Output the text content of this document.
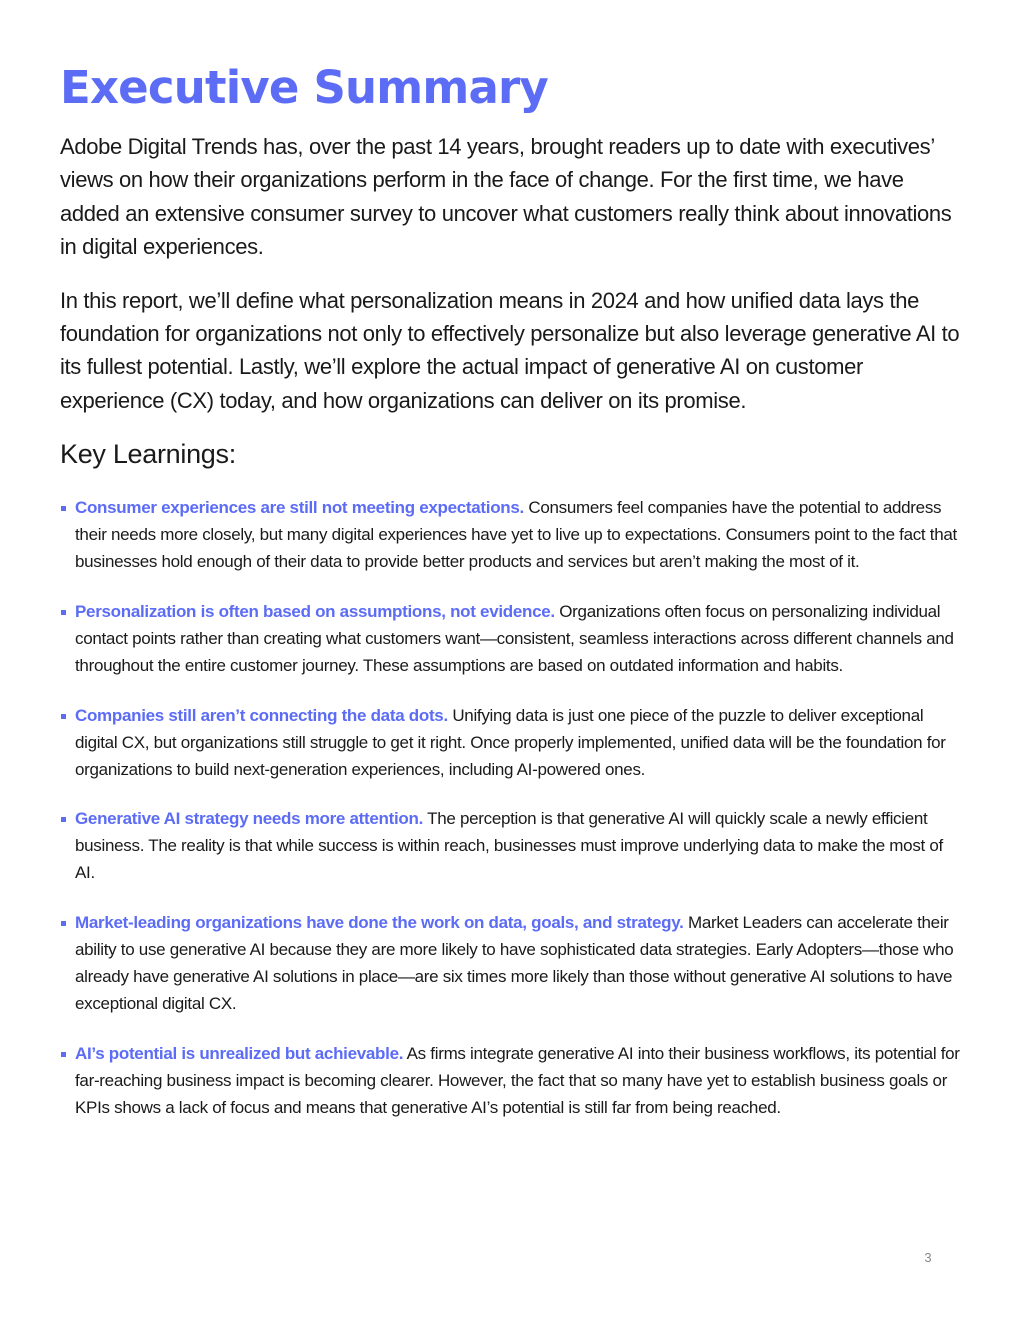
Executive Summary

Adobe Digital Trends has, over the past 14 years, brought readers up to date with executives’ views on how their organizations perform in the face of change. For the first time, we have added an extensive consumer survey to uncover what customers really think about innovations in digital experiences.

In this report, we’ll define what personalization means in 2024 and how unified data lays the foundation for organizations not only to effectively personalize but also leverage generative AI to its fullest potential. Lastly, we’ll explore the actual impact of generative AI on customer experience (CX) today, and how organizations can deliver on its promise.

Key Learnings:
Consumer experiences are still not meeting expectations. Consumers feel companies have the potential to address their needs more closely, but many digital experiences have yet to live up to expectations. Consumers point to the fact that businesses hold enough of their data to provide better products and services but aren’t making the most of it.
Personalization is often based on assumptions, not evidence. Organizations often focus on personalizing individual contact points rather than creating what customers want—consistent, seamless interactions across different channels and throughout the entire customer journey. These assumptions are based on outdated information and habits.
Companies still aren’t connecting the data dots. Unifying data is just one piece of the puzzle to deliver exceptional digital CX, but organizations still struggle to get it right. Once properly implemented, unified data will be the foundation for organizations to build next-generation experiences, including AI-powered ones.
Generative AI strategy needs more attention. The perception is that generative AI will quickly scale a newly efficient business. The reality is that while success is within reach, businesses must improve underlying data to make the most of AI.
Market-leading organizations have done the work on data, goals, and strategy. Market Leaders can accelerate their ability to use generative AI because they are more likely to have sophisticated data strategies. Early Adopters—those who already have generative AI solutions in place—are six times more likely than those without generative AI solutions to have exceptional digital CX.
AI’s potential is unrealized but achievable. As firms integrate generative AI into their business workflows, its potential for far-reaching business impact is becoming clearer. However, the fact that so many have yet to establish business goals or KPIs shows a lack of focus and means that generative AI’s potential is still far from being reached.
3
